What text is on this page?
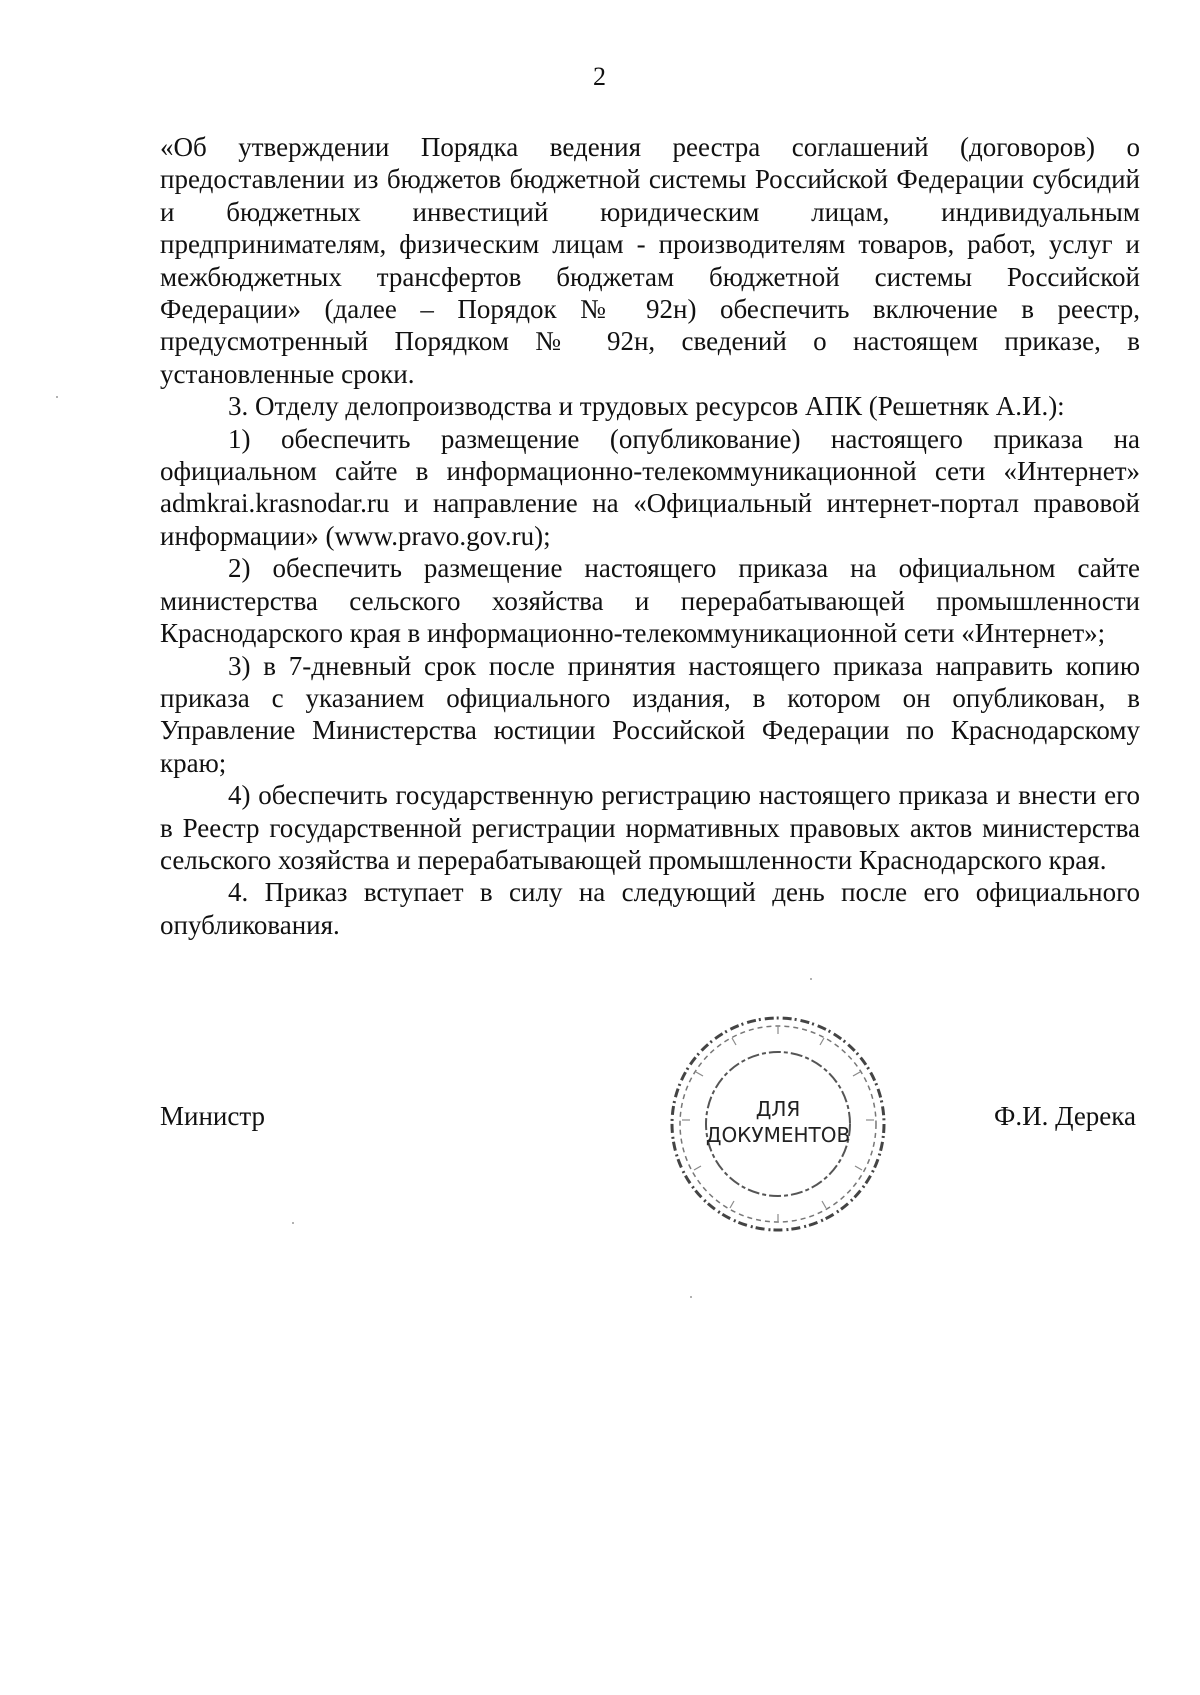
2

«Об утверждении Порядка ведения реестра соглашений (договоров) о предоставлении из бюджетов бюджетной системы Российской Федерации субсидий и бюджетных инвестиций юридическим лицам, индивидуальным предпринимателям, физическим лицам - производителям товаров, работ, услуг и межбюджетных трансфертов бюджетам бюджетной системы Российской Федерации» (далее – Порядок № 92н) обеспечить включение в реестр, предусмотренный Порядком № 92н, сведений о настоящем приказе, в установленные сроки.

3. Отделу делопроизводства и трудовых ресурсов АПК (Решетняк А.И.):

1) обеспечить размещение (опубликование) настоящего приказа на официальном сайте в информационно-телекоммуникационной сети «Интернет» admkrai.krasnodar.ru и направление на «Официальный интернет-портал правовой информации» (www.pravo.gov.ru);

2) обеспечить размещение настоящего приказа на официальном сайте министерства сельского хозяйства и перерабатывающей промышленности Краснодарского края в информационно-телекоммуникационной сети «Интернет»;

3) в 7-дневный срок после принятия настоящего приказа направить копию приказа с указанием официального издания, в котором он опубликован, в Управление Министерства юстиции Российской Федерации по Краснодарскому краю;

4) обеспечить государственную регистрацию настоящего приказа и внести его в Реестр государственной регистрации нормативных правовых актов министерства сельского хозяйства и перерабатывающей промышленности Краснодарского края.

4. Приказ вступает в силу на следующий день после его официального опубликования.

Министр	Ф.И. Дерека
ДЛЯ
ДОКУМЕНТОВ
